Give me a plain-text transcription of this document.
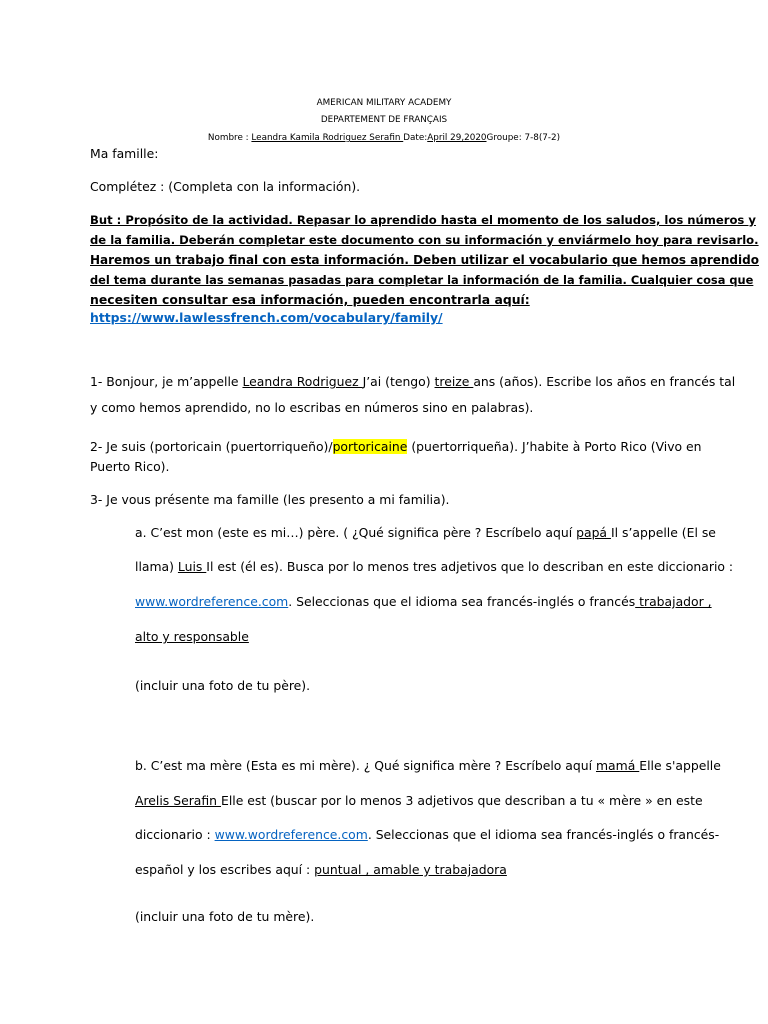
AMERICAN MILITARY ACADEMY
DEPARTEMENT DE FRANÇAIS
Nombre : Leandra Kamila Rodriguez Serafin Date:April 29,2020Groupe: 7-8(7-2)
Ma famille:
Complétez : (Completa con la información).
But : Propósito de la actividad. Repasar lo aprendido hasta el momento de los saludos, los números y
de la familia. Deberán completar este documento con su información y enviármelo hoy para revisarlo.
Haremos un trabajo final con esta información. Deben utilizar el vocabulario que hemos aprendido
del tema durante las semanas pasadas para completar la información de la familia. Cualquier cosa que
necesiten consultar esa información, pueden encontrarla aquí:
https://www.lawlessfrench.com/vocabulary/family/
1- Bonjour, je m’appelle Leandra Rodriguez J’ai (tengo) treize ans (años). Escribe los años en francés tal
y como hemos aprendido, no lo escribas en números sino en palabras).
2- Je suis (portoricain (puertorriqueño)/portoricaine (puertorriqueña). J’habite à Porto Rico (Vivo en
Puerto Rico).
3- Je vous présente ma famille (les presento a mi familia).
a. C’est mon (este es mi…) père. ( ¿Qué significa père ? Escríbelo aquí papá Il s’appelle (El se
llama) Luis Il est (él es). Busca por lo menos tres adjetivos que lo describan en este diccionario :
www.wordreference.com. Seleccionas que el idioma sea francés-inglés o francés trabajador ,
alto y responsable
(incluir una foto de tu père).
b. C’est ma mère (Esta es mi mère). ¿ Qué significa mère ? Escríbelo aquí mamá Elle s'appelle
Arelis Serafin Elle est (buscar por lo menos 3 adjetivos que describan a tu « mère » en este
diccionario : www.wordreference.com. Seleccionas que el idioma sea francés-inglés o francés-
español y los escribes aquí : puntual , amable y trabajadora
(incluir una foto de tu mère).
